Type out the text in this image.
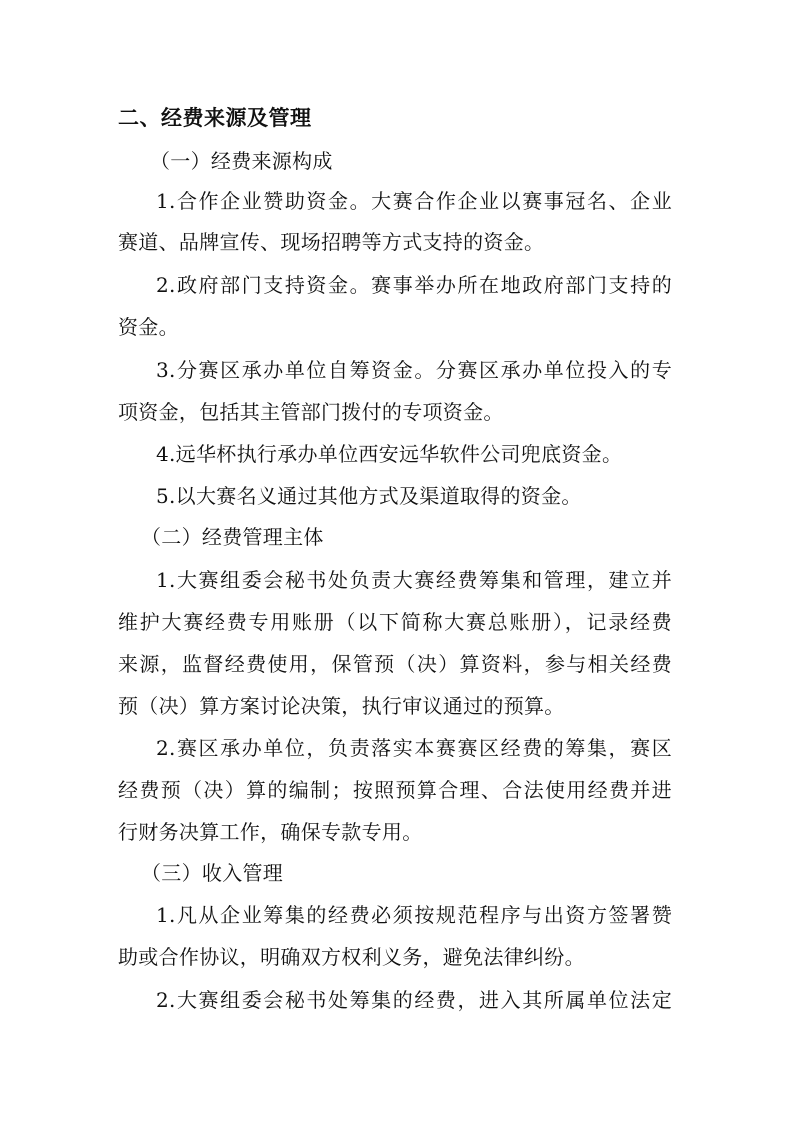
二、经费来源及管理
（一）经费来源构成
1.合作企业赞助资金。大赛合作企业以赛事冠名、企业
赛道、品牌宣传、现场招聘等方式支持的资金。
2.政府部门支持资金。赛事举办所在地政府部门支持的
资金。
3.分赛区承办单位自筹资金。分赛区承办单位投入的专
项资金，包括其主管部门拨付的专项资金。
4.远华杯执行承办单位西安远华软件公司兜底资金。
5.以大赛名义通过其他方式及渠道取得的资金。
（二）经费管理主体
1.大赛组委会秘书处负责大赛经费筹集和管理，建立并
维护大赛经费专用账册（以下简称大赛总账册），记录经费
来源，监督经费使用，保管预（决）算资料，参与相关经费
预（决）算方案讨论决策，执行审议通过的预算。
2.赛区承办单位，负责落实本赛赛区经费的筹集，赛区
经费预（决）算的编制；按照预算合理、合法使用经费并进
行财务决算工作，确保专款专用。
（三）收入管理
1.凡从企业筹集的经费必须按规范程序与出资方签署赞
助或合作协议，明确双方权利义务，避免法律纠纷。
2.大赛组委会秘书处筹集的经费，进入其所属单位法定
